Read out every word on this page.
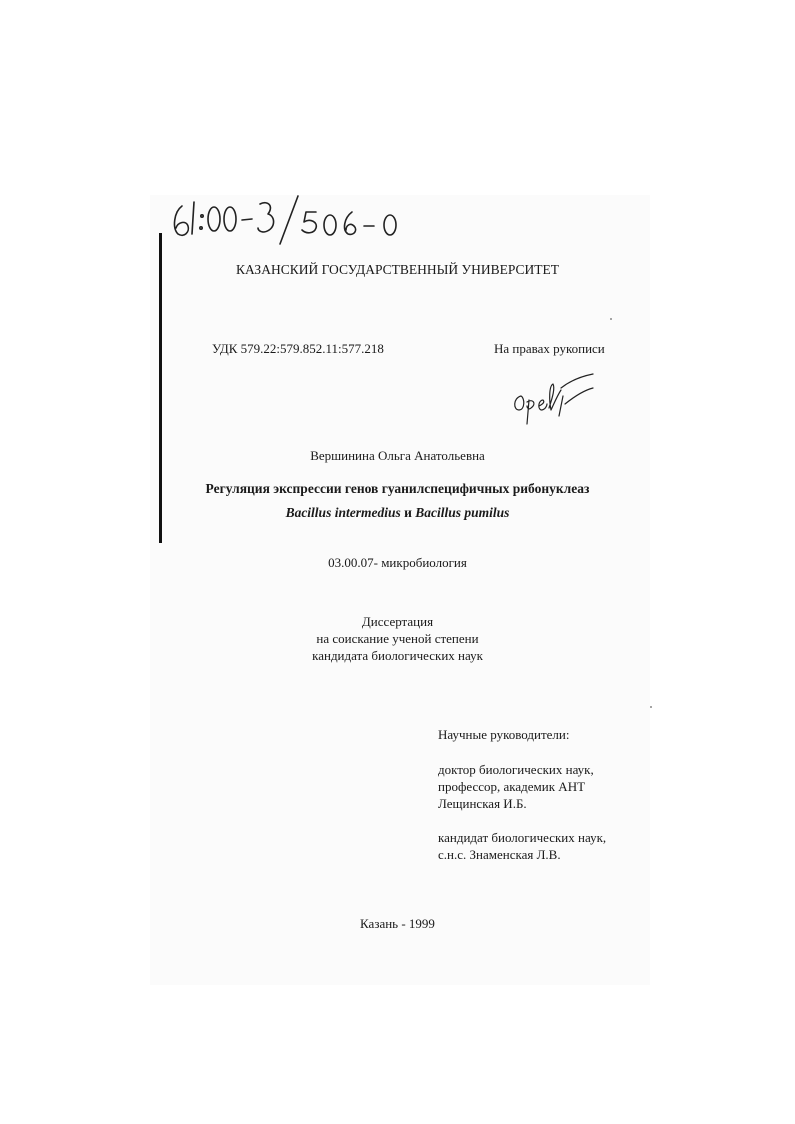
КАЗАНСКИЙ ГОСУДАРСТВЕННЫЙ УНИВЕРСИТЕТ
УДК 579.22:579.852.11:577.218	На правах рукописи
Вершинина Ольга Анатольевна
Регуляция экспрессии генов гуанилспецифичных рибонуклеаз
Bacillus intermedius и Bacillus pumilus
03.00.07- микробиология
Диссертация
на соискание ученой степени
кандидата биологических наук
Научные руководители:
доктор биологических наук,
профессор, академик АНТ
Лещинская И.Б.
кандидат биологических наук,
с.н.с. Знаменская Л.В.
Казань - 1999
